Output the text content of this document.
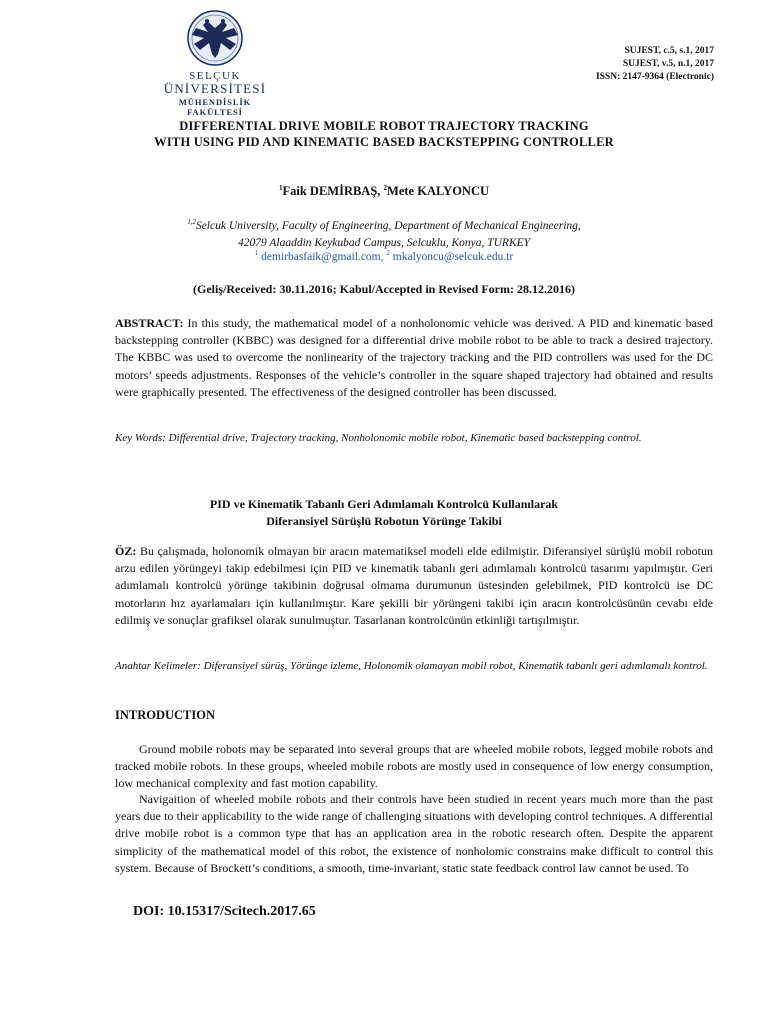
SELÇUK
ÜNİVERSİTESİ
MÜHENDİSLİK FAKÜLTESİ
SUJEST, c.5, s.1, 2017
SUJEST, v.5, n.1, 2017
ISSN: 2147-9364 (Electronic)
DIFFERENTIAL DRIVE MOBILE ROBOT TRAJECTORY TRACKING
WITH USING PID AND KINEMATIC BASED BACKSTEPPING CONTROLLER
$^1$Faik DEMİRBAŞ, $^2$Mete KALYONCU
$^{1,2}$Selcuk University, Faculty of Engineering, Department of Mechanical Engineering,
42079 Alaaddin Keykubad Campus, Selcuklu, Konya, TURKEY
$^1$ demirbasfaik@gmail.com, $^2$ mkalyoncu@selcuk.edu.tr
(Geliş/Received: 30.11.2016; Kabul/Accepted in Revised Form: 28.12.2016)
ABSTRACT: In this study, the mathematical model of a nonholonomic vehicle was derived. A PID and kinematic based backstepping controller (KBBC) was designed for a differential drive mobile robot to be able to track a desired trajectory. The KBBC was used to overcome the nonlinearity of the trajectory tracking and the PID controllers was used for the DC motors’ speeds adjustments. Responses of the vehicle’s controller in the square shaped trajectory had obtained and results were graphically presented. The effectiveness of the designed controller has been discussed.
Key Words: Differential drive, Trajectory tracking, Nonholonomic mobile robot, Kinematic based backstepping control.
PID ve Kinematik Tabanlı Geri Adımlamalı Kontrolcü Kullanılarak
Diferansiyel Sürüşlü Robotun Yörünge Takibi
ÖZ: Bu çalışmada, holonomik olmayan bir aracın matematiksel modeli elde edilmiştir. Diferansiyel sürüşlü mobil robotun arzu edilen yörüngeyi takip edebilmesi için PID ve kinematik tabanlı geri adımlamalı kontrolcü tasarımı yapılmıştır. Geri adımlamalı kontrolcü yörünge takibinin doğrusal olmama durumunun üstesinden gelebilmek, PID kontrolcü ise DC motorların hız ayarlamaları için kullanılmıştır. Kare şekilli bir yörüngeni takibi için aracın kontrolcüsünün cevabı elde edilmiş ve sonuçlar grafiksel olarak sunulmuştur. Tasarlanan kontrolcünün etkinliği tartışılmıştır.
Anahtar Kelimeler: Diferansiyel sürüş, Yörünge izleme, Holonomik olamayan mobil robot, Kinematik tabanlı geri adımlamalı kontrol.
INTRODUCTION
Ground mobile robots may be separated into several groups that are wheeled mobile robots, legged mobile robots and tracked mobile robots. In these groups, wheeled mobile robots are mostly used in consequence of low energy consumption, low mechanical complexity and fast motion capability.
Navigaition of wheeled mobile robots and their controls have been studied in recent years much more than the past years due to their applicability to the wide range of challenging situations with developing control techniques. A differential drive mobile robot is a common type that has an application area in the robotic research often. Despite the apparent simplicity of the mathematical model of this robot, the existence of nonholomic constrains make difficult to control this system. Because of Brockett’s conditions, a smooth, time-invariant, static state feedback control law cannot be used. To
DOI: 10.15317/Scitech.2017.65
